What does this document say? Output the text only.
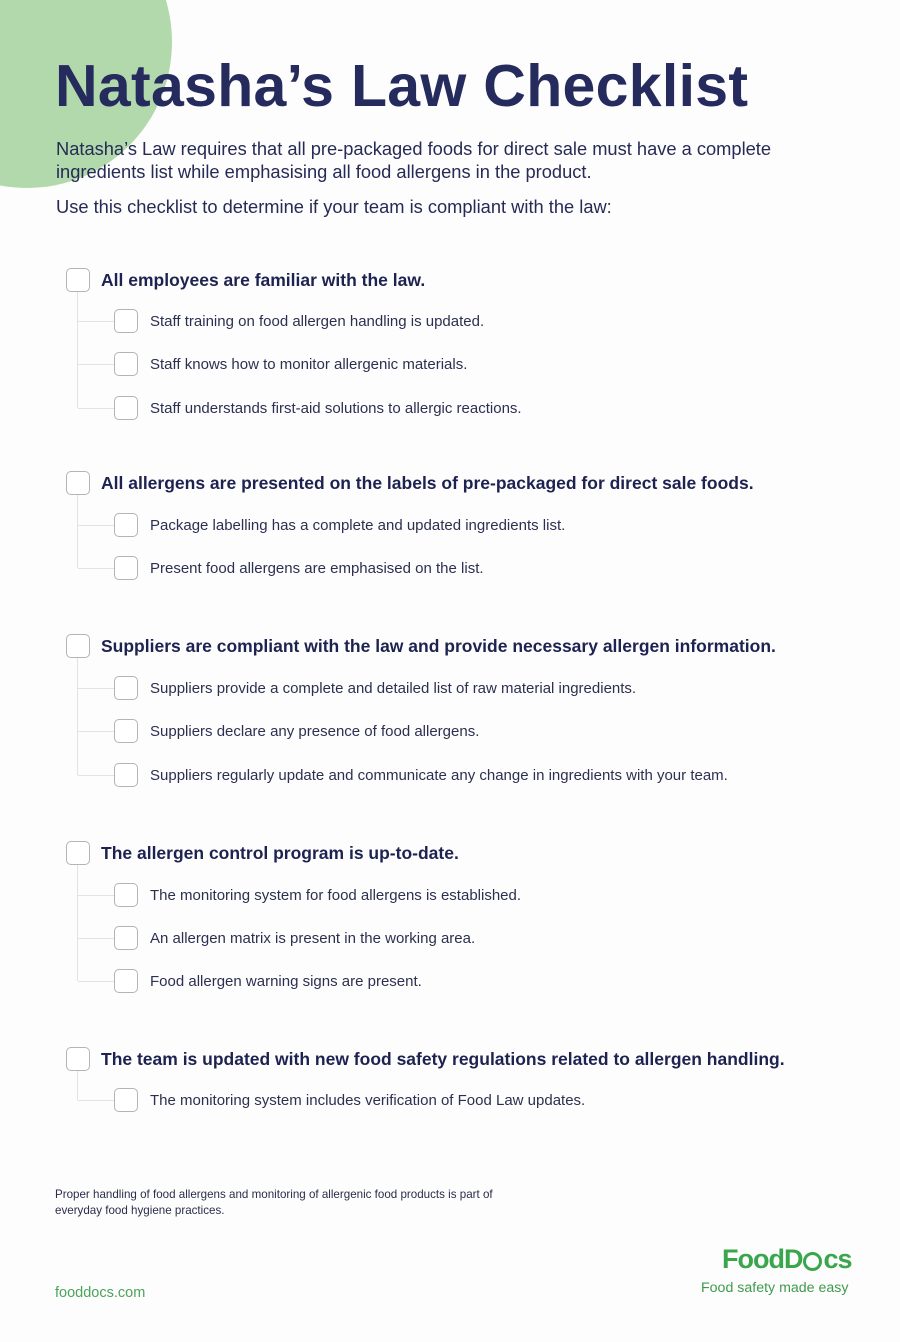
Natasha’s Law Checklist

Natasha’s Law requires that all pre-packaged foods for direct sale must have a complete ingredients list while emphasising all food allergens in the product.

Use this checklist to determine if your team is compliant with the law:

All employees are familiar with the law.
Staff training on food allergen handling is updated.
Staff knows how to monitor allergenic materials.
Staff understands first-aid solutions to allergic reactions.
All allergens are presented on the labels of pre-packaged for direct sale foods.
Package labelling has a complete and updated ingredients list.
Present food allergens are emphasised on the list.
Suppliers are compliant with the law and provide necessary allergen information.
Suppliers provide a complete and detailed list of raw material ingredients.
Suppliers declare any presence of food allergens.
Suppliers regularly update and communicate any change in ingredients with your team.
The allergen control program is up-to-date.
The monitoring system for food allergens is established.
An allergen matrix is present in the working area.
Food allergen warning signs are present.
The team is updated with new food safety regulations related to allergen handling.
The monitoring system includes verification of Food Law updates.

Proper handling of food allergens and monitoring of allergenic food products is part of everyday food hygiene practices.

fooddocs.com
FoodD cs
Food safety made easy
